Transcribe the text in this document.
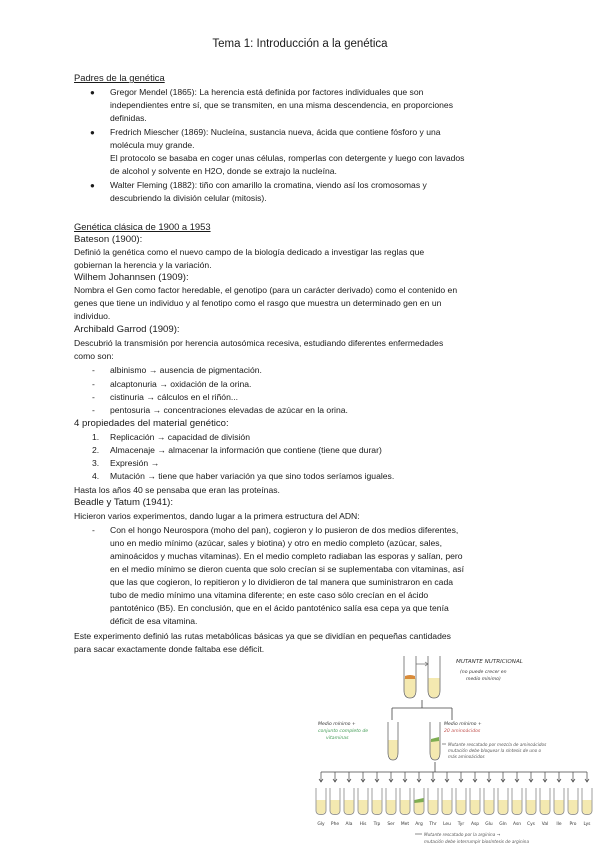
Tema 1: Introducción a la genética
Padres de la genética
● Gregor Mendel (1865): La herencia está definida por factores individuales que son
independientes entre sí, que se transmiten, en una misma descendencia, en proporciones
definidas.
● Fredrich Miescher (1869): Nucleína, sustancia nueva, ácida que contiene fósforo y una
molécula muy grande.
El protocolo se basaba en coger unas células, romperlas con detergente y luego con lavados
de alcohol y solvente en H2O, donde se extrajo la nucleína.
● Walter Fleming (1882): tiño con amarillo la cromatina, viendo así los cromosomas y
descubriendo la división celular (mitosis).
Genética clásica de 1900 a 1953
Bateson (1900):
Definió la genética como el nuevo campo de la biología dedicado a investigar las reglas que
gobiernan la herencia y la variación.
Wilhem Johannsen (1909):
Nombra el Gen como factor heredable, el genotipo (para un carácter derivado) como el contenido en
genes que tiene un individuo y al fenotipo como el rasgo que muestra un determinado gen en un
individuo.
Archibald Garrod (1909):
Descubrió la transmisión por herencia autosómica recesiva, estudiando diferentes enfermedades
como son:
- albinismo → ausencia de pigmentación.
- alcaptonuria → oxidación de la orina.
- cistinuria → cálculos en el riñón...
- pentosuria → concentraciones elevadas de azúcar en la orina.
4 propiedades del material genético:
1. Replicación → capacidad de división
2. Almacenaje → almacenar la información que contiene (tiene que durar)
3. Expresión →
4. Mutación → tiene que haber variación ya que sino todos seríamos iguales.
Hasta los años 40 se pensaba que eran las proteínas.
Beadle y Tatum (1941):
Hicieron varios experimentos, dando lugar a la primera estructura del ADN:
- Con el hongo Neurospora (moho del pan), cogieron y lo pusieron de dos medios diferentes,
uno en medio mínimo (azúcar, sales y biotina) y otro en medio completo (azúcar, sales,
aminoácidos y muchas vitaminas). En el medio completo radiaban las esporas y salían, pero
en el medio mínimo se dieron cuenta que solo crecían si se suplementaba con vitaminas, así
que las que cogieron, lo repitieron y lo dividieron de tal manera que suministraron en cada
tubo de medio mínimo una vitamina diferente; en este caso sólo crecían en el ácido
pantoténico (B5). En conclusión, que en el ácido pantoténico salía esa cepa ya que tenía
déficit de esa vitamina.
Este experimento definió las rutas metabólicas básicas ya que se dividían en pequeñas cantidades
para sacar exactamente donde faltaba ese déficit.
MUTANTE NUTRICIONAL
(no puede crecer en
medio mínimo)
Medio mínimo +
conjunto completo de
vitaminas
Medio mínimo +
20 aminoácidos
Mutante rescatado por mezcla de aminoácidos
mutación debe bloquear la síntesis de uno o
más aminoácidos
Gly Phe Ala His Trp Ser Met Arg Thr Leu Tyr Asp Glu Gln Asn Cys Val Ile Pro Lys
Mutante rescatado por la arginina →
mutación debe interrumpir biosíntesis de arginina
